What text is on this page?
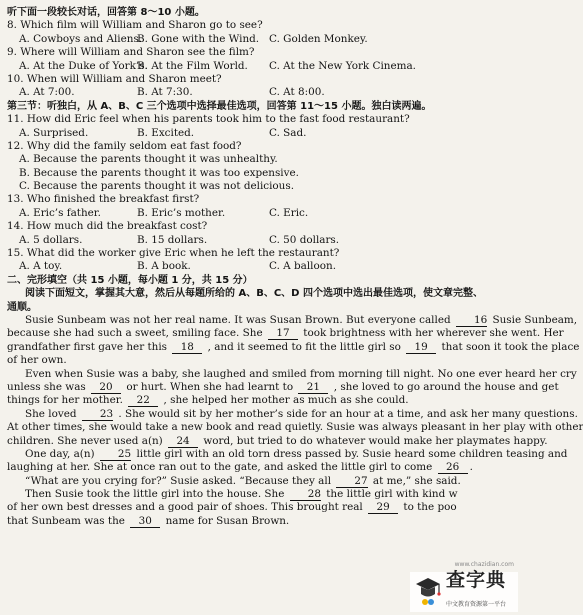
听下面一段较长对话，回答第 8～10 小题。
8. Which film will William and Sharon go to see?
A. Cowboys and Aliens.
B. Gone with the Wind. C. Golden Monkey.
9. Where will William and Sharon see the film?
A. At the Duke of York’s.
B. At the Film World.	C. At the New York Cinema.
10. When will William and Sharon meet?
A. At 7:00.	B. At 7:30.	C. At 8:00.
第三节：听独白，从 A、B、C 三个选项中选择最佳选项，回答第 11～15 小题。独白读两遍。
11. How did Eric feel when his parents took him to the fast food restaurant?
A. Surprised.	B. Excited.	C. Sad.
12. Why did the family seldom eat fast food?
A. Because the parents thought it was unhealthy.
B. Because the parents thought it was too expensive.
C. Because the parents thought it was not delicious.
13. Who finished the breakfast first?
A. Eric’s father.	B. Eric’s mother.	C. Eric.
14. How much did the breakfast cost?
A. 5 dollars.	B. 15 dollars.	C. 50 dollars.
15. What did the worker give Eric when he left the restaurant?
A. A toy.	B. A book.	C. A balloon.
二、完形填空（共 15 小题，每小题 1 分，共 15 分）
阅读下面短文，掌握其大意，然后从每题所给的 A、B、C、D 四个选项中选出最佳选项，使文章完整、
通顺。
Susie Sunbeam was not her real name. It was Susan Brown. But everyone called 16 Susie Sunbeam,
because she had such a sweet, smiling face. She 17 took brightness with her wherever she went. Her
grandfather first gave her this 18 , and it seemed to fit the little girl so 19 that soon it took the place
of her own.
Even when Susie was a baby, she laughed and smiled from morning till night. No one ever heard her cry
unless she was 20 or hurt. When she had learnt to 21 , she loved to go around the house and get
things for her mother. 22 , she helped her mother as much as she could.
She loved 23 . She would sit by her mother’s side for an hour at a time, and ask her many questions.
At other times, she would take a new book and read quietly. Susie was always pleasant in her play with other
children. She never used a(n) 24 word, but tried to do whatever would make her playmates happy.
One day, a(n) 25 little girl with an old torn dress passed by. Susie heard some children teasing and
laughing at her. She at once ran out to the gate, and asked the little girl to come 26 .
“What are you crying for?” Susie asked. “Because they all 27 at me,” she said.
Then Susie took the little girl into the house. She 28 the little girl with kind w
of her own best dresses and a good pair of shoes. This brought real 29 to the poo
that Sunbeam was the 30 name for Susan Brown.
www.chazidian.com
查字典
中文教育资源第一平台
